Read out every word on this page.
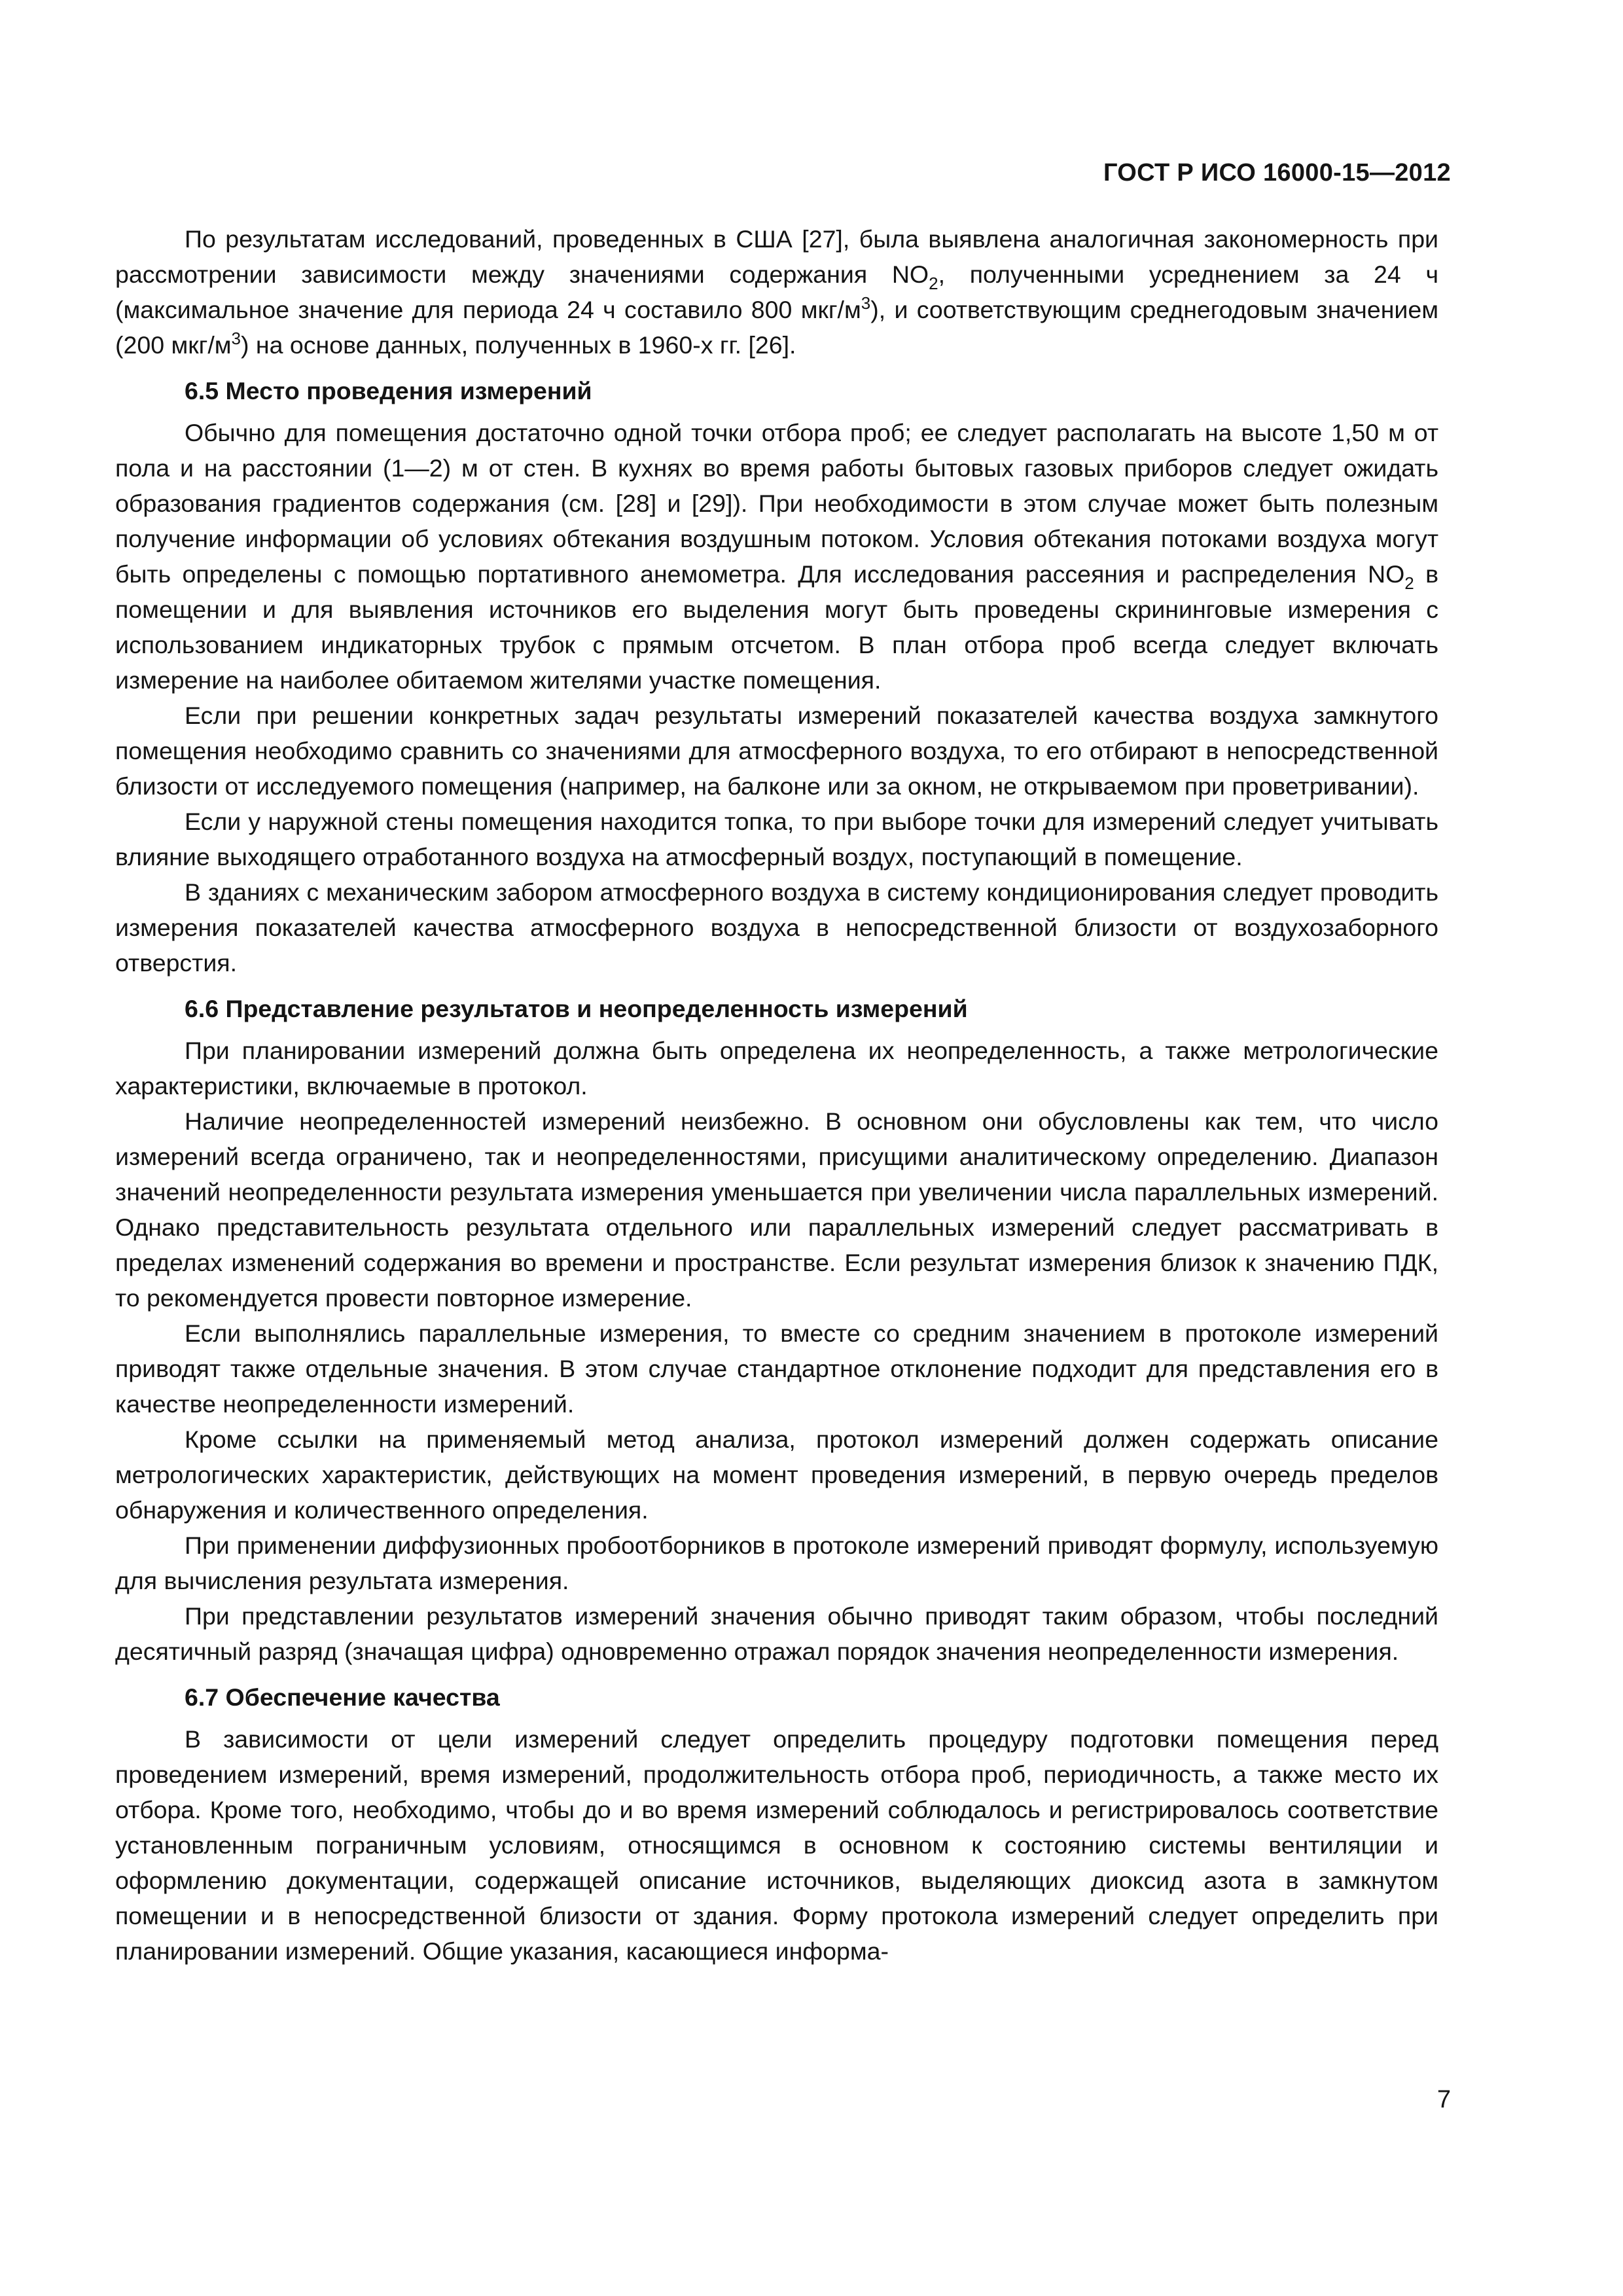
ГОСТ Р ИСО 16000-15—2012

По результатам исследований, проведенных в США [27], была выявлена аналогичная закономерность при рассмотрении зависимости между значениями содержания $NO_2$, полученными усреднением за 24 ч (максимальное значение для периода 24 ч составило 800 мкг/$м^3$), и соответствующим среднегодовым значением (200 мкг/$м^3$) на основе данных, полученных в 1960-х гг. [26].

6.5 Место проведения измерений

Обычно для помещения достаточно одной точки отбора проб; ее следует располагать на высоте 1,50 м от пола и на расстоянии (1—2) м от стен. В кухнях во время работы бытовых газовых приборов следует ожидать образования градиентов содержания (см. [28] и [29]). При необходимости в этом случае может быть полезным получение информации об условиях обтекания воздушным потоком. Условия обтекания потоками воздуха могут быть определены с помощью портативного анемометра. Для исследования рассеяния и распределения $NO_2$ в помещении и для выявления источников его выделения могут быть проведены скрининговые измерения с использованием индикаторных трубок с прямым отсчетом. В план отбора проб всегда следует включать измерение на наиболее обитаемом жителями участке помещения.

Если при решении конкретных задач результаты измерений показателей качества воздуха замкнутого помещения необходимо сравнить со значениями для атмосферного воздуха, то его отбирают в непосредственной близости от исследуемого помещения (например, на балконе или за окном, не открываемом при проветривании).

Если у наружной стены помещения находится топка, то при выборе точки для измерений следует учитывать влияние выходящего отработанного воздуха на атмосферный воздух, поступающий в помещение.

В зданиях с механическим забором атмосферного воздуха в систему кондиционирования следует проводить измерения показателей качества атмосферного воздуха в непосредственной близости от воздухозаборного отверстия.

6.6 Представление результатов и неопределенность измерений

При планировании измерений должна быть определена их неопределенность, а также метрологические характеристики, включаемые в протокол.

Наличие неопределенностей измерений неизбежно. В основном они обусловлены как тем, что число измерений всегда ограничено, так и неопределенностями, присущими аналитическому определению. Диапазон значений неопределенности результата измерения уменьшается при увеличении числа параллельных измерений. Однако представительность результата отдельного или параллельных измерений следует рассматривать в пределах изменений содержания во времени и пространстве. Если результат измерения близок к значению ПДК, то рекомендуется провести повторное измерение.

Если выполнялись параллельные измерения, то вместе со средним значением в протоколе измерений приводят также отдельные значения. В этом случае стандартное отклонение подходит для представления его в качестве неопределенности измерений.

Кроме ссылки на применяемый метод анализа, протокол измерений должен содержать описание метрологических характеристик, действующих на момент проведения измерений, в первую очередь пределов обнаружения и количественного определения.

При применении диффузионных пробоотборников в протоколе измерений приводят формулу, используемую для вычисления результата измерения.

При представлении результатов измерений значения обычно приводят таким образом, чтобы последний десятичный разряд (значащая цифра) одновременно отражал порядок значения неопределенности измерения.

6.7 Обеспечение качества

В зависимости от цели измерений следует определить процедуру подготовки помещения перед проведением измерений, время измерений, продолжительность отбора проб, периодичность, а также место их отбора. Кроме того, необходимо, чтобы до и во время измерений соблюдалось и регистрировалось соответствие установленным пограничным условиям, относящимся в основном к состоянию системы вентиляции и оформлению документации, содержащей описание источников, выделяющих диоксид азота в замкнутом помещении и в непосредственной близости от здания. Форму протокола измерений следует определить при планировании измерений. Общие указания, касающиеся информа-

7
